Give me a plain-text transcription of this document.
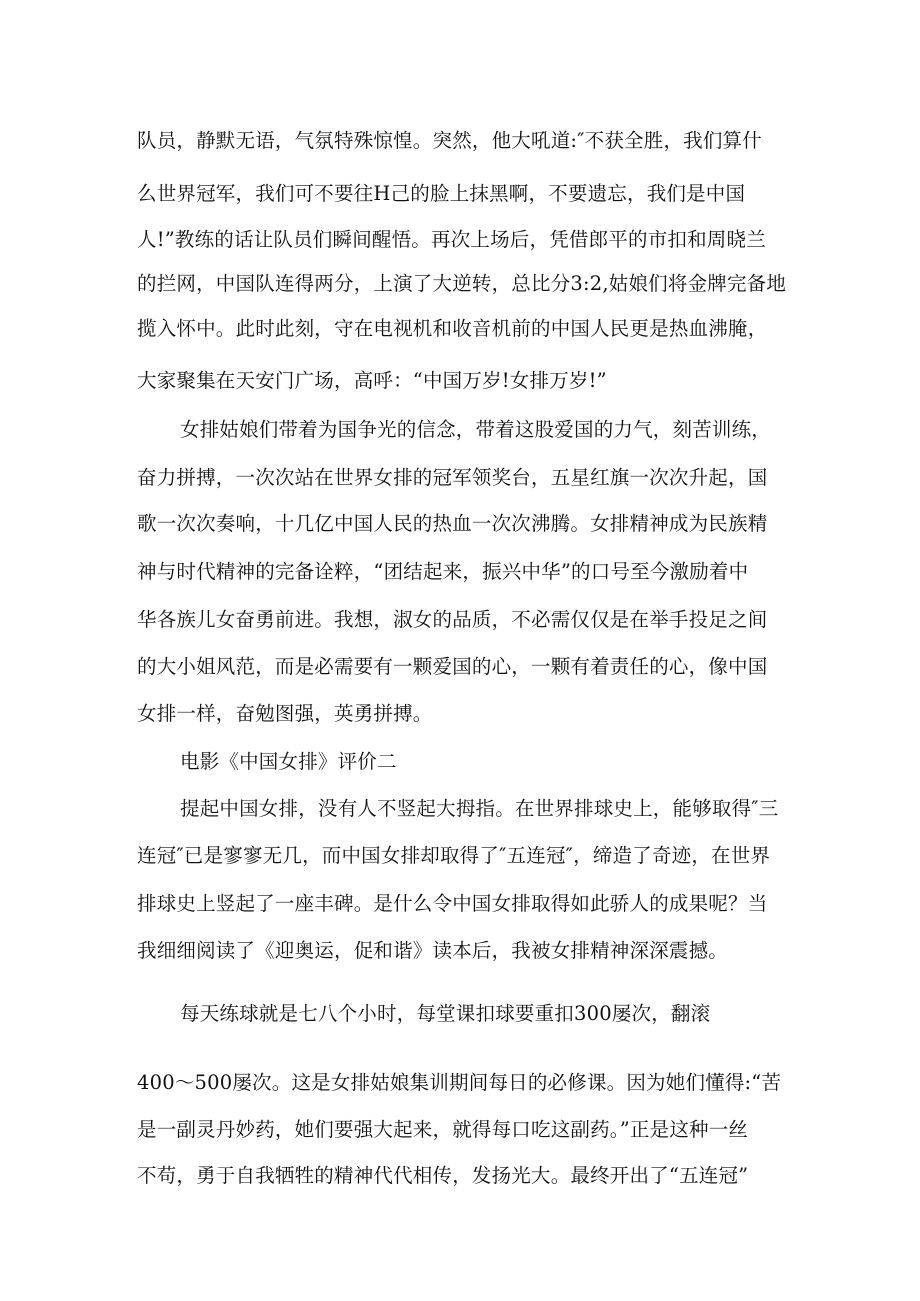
队员，静默无语，气氛特殊惊惶。突然，他大吼道:″不获全胜，我们算什
么世界冠军，我们可不要往H己的脸上抹黑啊，不要遗忘，我们是中国
人!”教练的话让队员们瞬间醒悟。再次上场后，凭借郎平的市扣和周晓兰
的拦网，中国队连得两分，上演了大逆转，总比分3:2,姑娘们将金牌完备地
揽入怀中。此时此刻，守在电视机和收音机前的中国人民更是热血沸腌，
大家聚集在天安门广场，高呼：“中国万岁!女排万岁!”
女排姑娘们带着为国争光的信念，带着这股爱国的力气，刻苦训练，
奋力拼搏，一次次站在世界女排的冠军领奖台，五星红旗一次次升起，国
歌一次次奏响，十几亿中国人民的热血一次次沸腾。女排精神成为民族精
神与时代精神的完备诠粹，“团结起来，振兴中华”的口号至今激励着中
华各族儿女奋勇前进。我想，淑女的品质，不必需仅仅是在举手投足之间
的大小姐风范，而是必需要有一颗爱国的心，一颗有着责任的心，像中国
女排一样，奋勉图强，英勇拼搏。
电影《中国女排》评价二
提起中国女排，没有人不竖起大拇指。在世界排球史上，能够取得″三
连冠″已是寥寥无几，而中国女排却取得了″五连冠″，缔造了奇迹，在世界
排球史上竖起了一座丰碑。是什么令中国女排取得如此骄人的成果呢？当
我细细阅读了《迎奥运，促和谐》读本后，我被女排精神深深震撼。
每天练球就是七八个小时，每堂课扣球要重扣300屡次，翻滚
400～500屡次。这是女排姑娘集训期间每日的必修课。因为她们懂得:“苦
是一副灵丹妙药，她们要强大起来，就得每口吃这副药。”正是这种一丝
不苟，勇于自我牺牲的精神代代相传，发扬光大。最终开出了“五连冠”
